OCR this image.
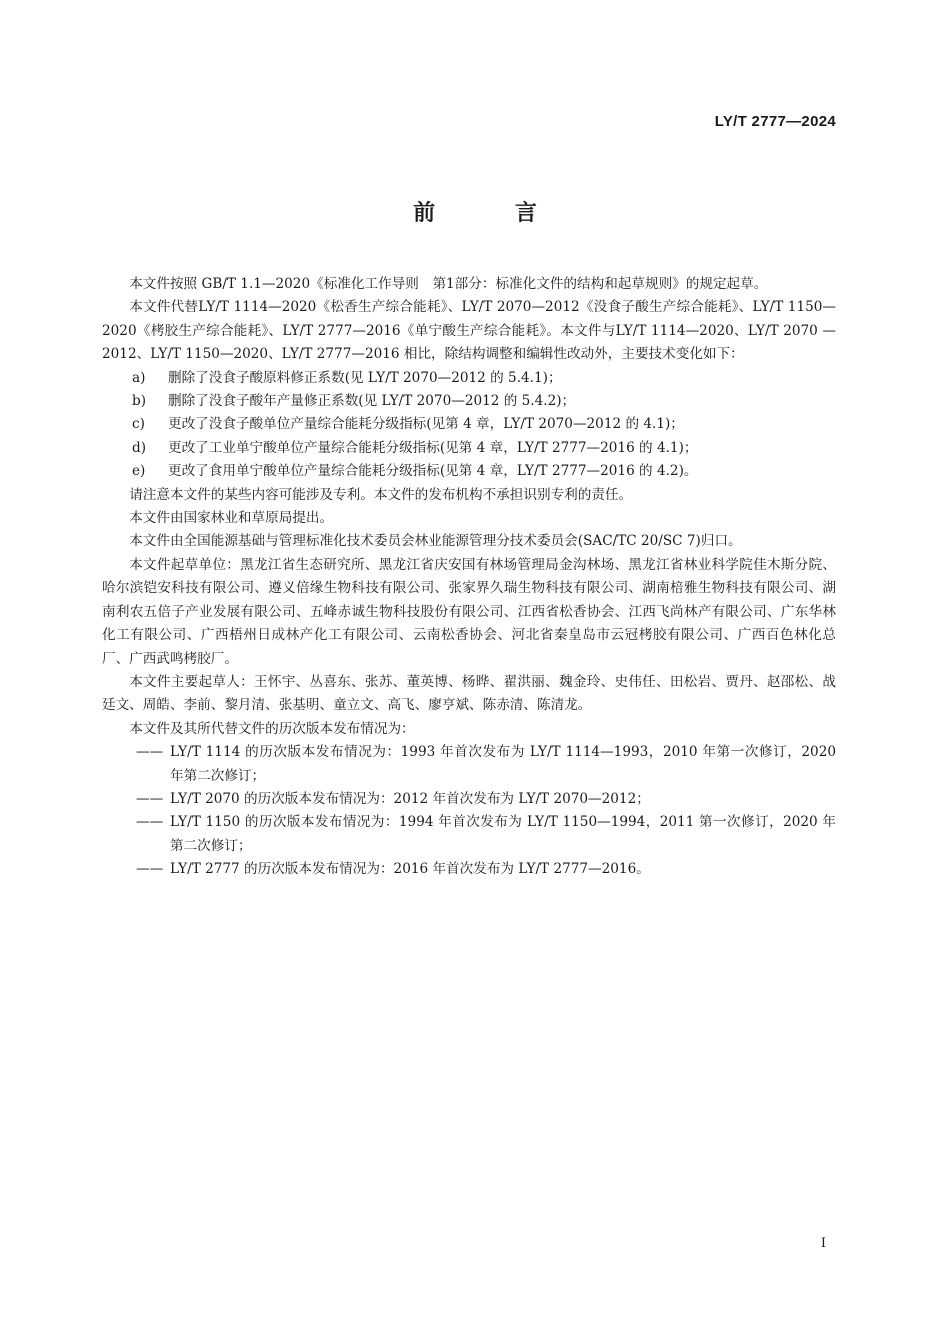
LY/T 2777—2024
前 言

本文件按照 GB/T 1.1—2020《标准化工作导则　第1部分：标准化文件的结构和起草规则》的规定起草。

本文件代替LY/T 1114—2020《松香生产综合能耗》、LY/T 2070—2012《没食子酸生产综合能耗》、LY/T 1150—2020《栲胶生产综合能耗》、LY/T 2777—2016《单宁酸生产综合能耗》。本文件与LY/T 1114—2020、LY/T 2070 —2012、LY/T 1150—2020、LY/T 2777—2016 相比，除结构调整和编辑性改动外，主要技术变化如下：

a)	删除了没食子酸原料修正系数(见 LY/T 2070—2012 的 5.4.1)；
b)	删除了没食子酸年产量修正系数(见 LY/T 2070—2012 的 5.4.2)；
c)	更改了没食子酸单位产量综合能耗分级指标(见第 4 章，LY/T 2070—2012 的 4.1)；
d)	更改了工业单宁酸单位产量综合能耗分级指标(见第 4 章，LY/T 2777—2016 的 4.1)；
e)	更改了食用单宁酸单位产量综合能耗分级指标(见第 4 章，LY/T 2777—2016 的 4.2)。

请注意本文件的某些内容可能涉及专利。本文件的发布机构不承担识别专利的责任。

本文件由国家林业和草原局提出。

本文件由全国能源基础与管理标准化技术委员会林业能源管理分技术委员会(SAC/TC 20/SC 7)归口。

本文件起草单位：黑龙江省生态研究所、黑龙江省庆安国有林场管理局金沟林场、黑龙江省林业科学院佳木斯分院、哈尔滨铠安科技有限公司、遵义倍缘生物科技有限公司、张家界久瑞生物科技有限公司、湖南棓雅生物科技有限公司、湖南利农五倍子产业发展有限公司、五峰赤诚生物科技股份有限公司、江西省松香协会、江西飞尚林产有限公司、广东华林化工有限公司、广西梧州日成林产化工有限公司、云南松香协会、河北省秦皇岛市云冠栲胶有限公司、广西百色林化总厂、广西武鸣栲胶厂。

本文件主要起草人：王怀宇、丛喜东、张苏、董英博、杨晔、翟洪丽、魏金玲、史伟任、田松岩、贾丹、赵邵松、战廷文、周皓、李前、黎月清、张基明、童立文、高飞、廖亨斌、陈赤清、陈清龙。

本文件及其所代替文件的历次版本发布情况为：

—— LY/T 1114 的历次版本发布情况为：1993 年首次发布为 LY/T 1114—1993，2010 年第一次修订，2020 年第二次修订；
—— LY/T 2070 的历次版本发布情况为：2012 年首次发布为 LY/T 2070—2012；
—— LY/T 1150 的历次版本发布情况为：1994 年首次发布为 LY/T 1150—1994，2011 第一次修订，2020 年第二次修订；
—— LY/T 2777 的历次版本发布情况为：2016 年首次发布为 LY/T 2777—2016。
I
